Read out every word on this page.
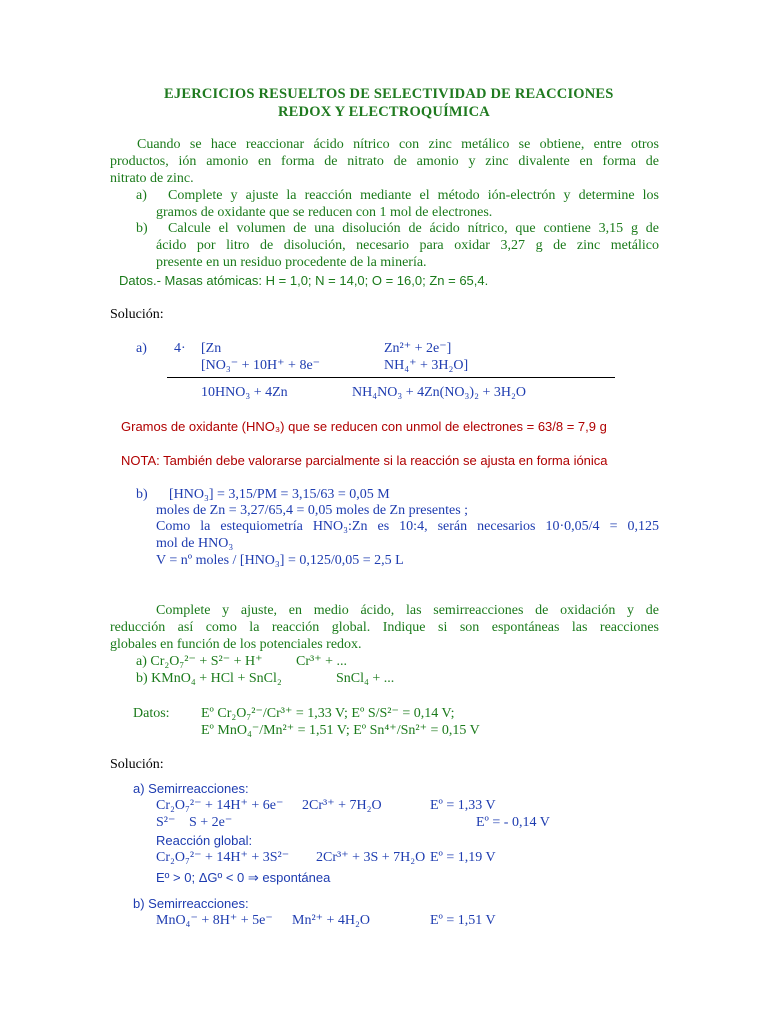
EJERCICIOS RESUELTOS DE SELECTIVIDAD DE REACCIONES
REDOX Y ELECTROQUÍMICA
Cuando se hace reaccionar ácido nítrico con zinc metálico se obtiene, entre otros
productos, ión amonio en forma de nitrato de amonio y zinc divalente en forma de
nitrato de zinc.
a)	Complete y ajuste la reacción mediante el método ión-electrón y determine los
gramos de oxidante que se reducen con 1 mol de electrones.
b)	Calcule el volumen de una disolución de ácido nítrico, que contiene 3,15 g de
ácido por litro de disolución, necesario para oxidar 3,27 g de zinc metálico
presente en un residuo procedente de la minería.
Datos.- Masas atómicas: H = 1,0; N = 14,0; O = 16,0; Zn = 65,4.
Solución:
a) 4· [Zn	Zn²⁺ + 2e⁻]
[NO₃⁻ + 10H⁺ + 8e⁻	NH₄⁺ + 3H₂O]
10HNO₃ + 4Zn	NH₄NO₃ + 4Zn(NO₃)₂ + 3H₂O
Gramos de oxidante (HNO₃) que se reducen con unmol de electrones = 63/8 = 7,9 g
NOTA: También debe valorarse parcialmente si la reacción se ajusta en forma iónica
b) [HNO₃] = 3,15/PM = 3,15/63 = 0,05 M
moles de Zn = 3,27/65,4 = 0,05 moles de Zn presentes ;
Como la estequiometría HNO₃:Zn es 10:4, serán necesarios 10·0,05/4 = 0,125
mol de HNO₃
V = nº moles / [HNO₃] = 0,125/0,05 = 2,5 L
Complete y ajuste, en medio ácido, las semirreacciones de oxidación y de
reducción así como la reacción global. Indique si son espontáneas las reacciones
globales en función de los potenciales redox.
a) Cr₂O₇²⁻ + S²⁻ + H⁺ Cr³⁺ + ...
b) KMnO₄ + HCl + SnCl₂	SnCl₄ + ...
Datos: Eº Cr₂O₇²⁻/Cr³⁺ = 1,33 V; Eº S/S²⁻ = 0,14 V;
Eº MnO₄⁻/Mn²⁺ = 1,51 V; Eº Sn⁴⁺/Sn²⁺ = 0,15 V
Solución:
a) Semirreacciones:
Cr₂O₇²⁻ + 14H⁺ + 6e⁻ 2Cr³⁺ + 7H₂O	Eº = 1,33 V
S²⁻ S + 2e⁻	Eº = - 0,14 V
Reacción global:
Cr₂O₇²⁻ + 14H⁺ + 3S²⁻ 2Cr³⁺ + 3S + 7H₂O Eº = 1,19 V
Eº > 0; ΔGº < 0 ⇒ espontánea
b) Semirreacciones:
MnO₄⁻ + 8H⁺ + 5e⁻ Mn²⁺ + 4H₂O	Eº = 1,51 V
